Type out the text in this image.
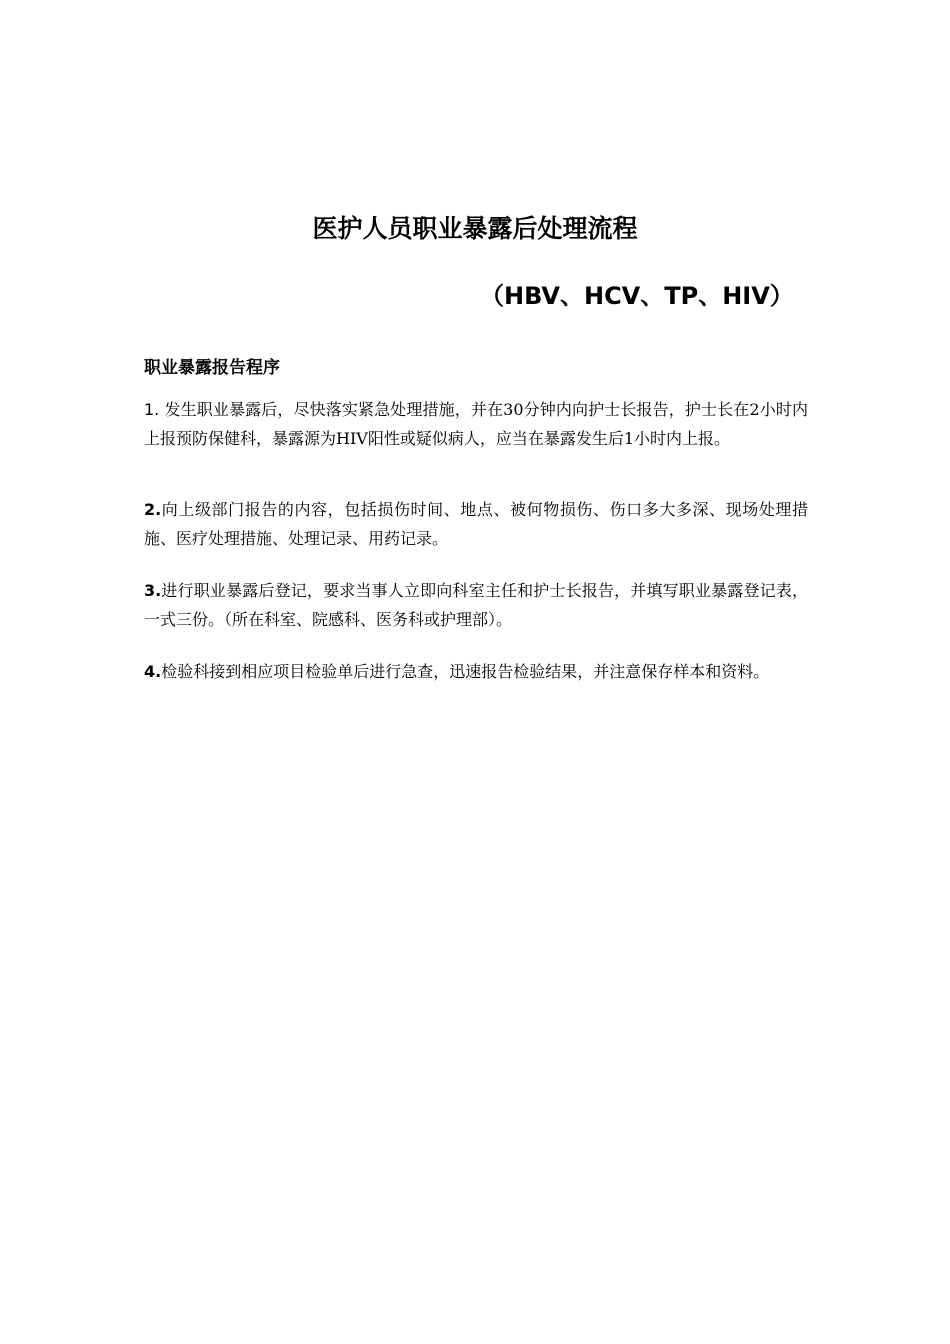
医护人员职业暴露后处理流程
（HBV、HCV、TP、HIV）
职业暴露报告程序
1. 发生职业暴露后，尽快落实紧急处理措施，并在30分钟内向护士长报告，护士长在2小时内上报预防保健科，暴露源为HIV阳性或疑似病人，应当在暴露发生后1小时内上报。
2.向上级部门报告的内容，包括损伤时间、地点、被何物损伤、伤口多大多深、现场处理措施、医疗处理措施、处理记录、用药记录。
3.进行职业暴露后登记，要求当事人立即向科室主任和护士长报告，并填写职业暴露登记表，一式三份。（所在科室、院感科、医务科或护理部）。
4.检验科接到相应项目检验单后进行急查，迅速报告检验结果，并注意保存样本和资料。
